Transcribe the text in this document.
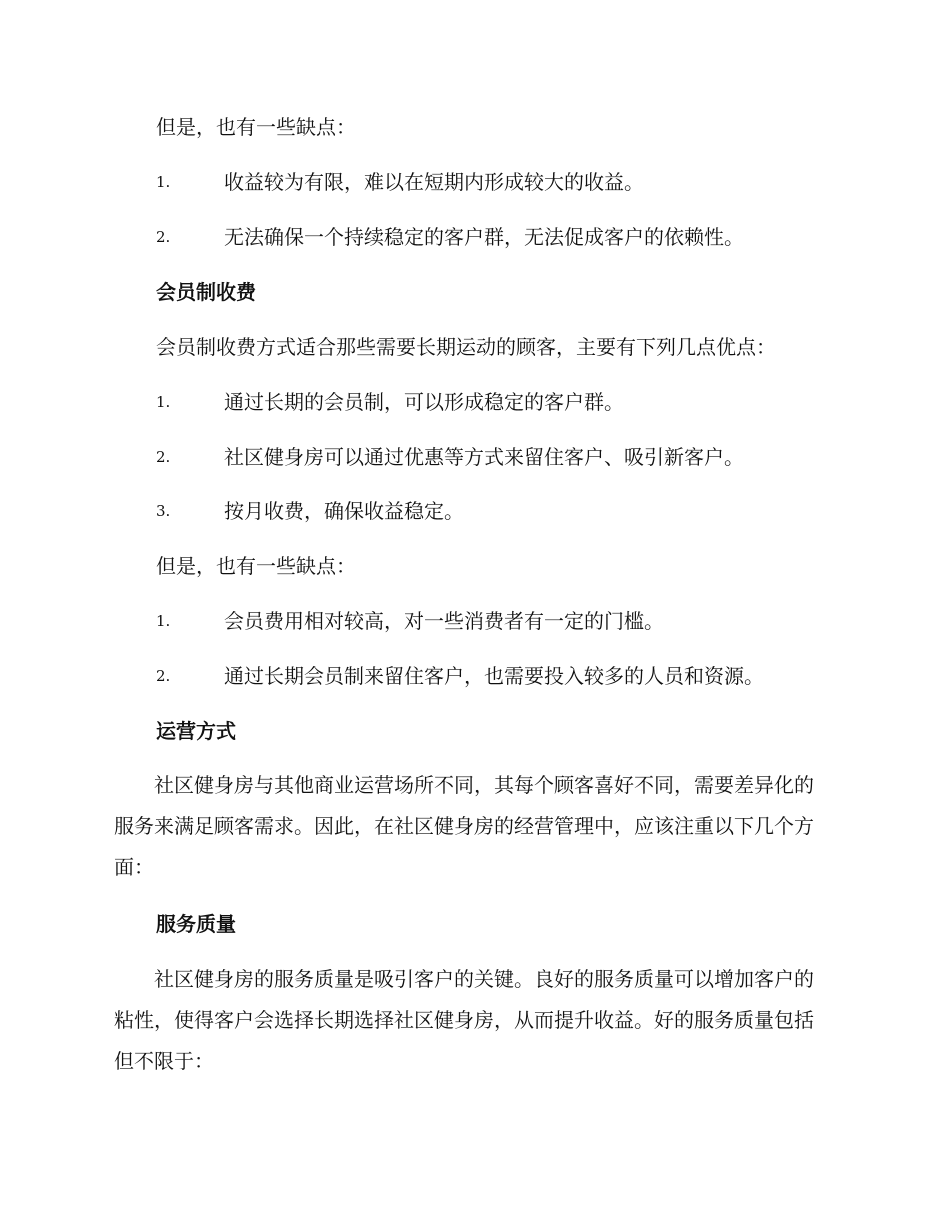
但是，也有一些缺点：
1.	收益较为有限，难以在短期内形成较大的收益。
2.	无法确保一个持续稳定的客户群，无法促成客户的依赖性。
会员制收费
会员制收费方式适合那些需要长期运动的顾客，主要有下列几点优点：
1.	通过长期的会员制，可以形成稳定的客户群。
2.	社区健身房可以通过优惠等方式来留住客户、吸引新客户。
3.	按月收费，确保收益稳定。
但是，也有一些缺点：
1.	会员费用相对较高，对一些消费者有一定的门槛。
2.	通过长期会员制来留住客户，也需要投入较多的人员和资源。
运营方式
社区健身房与其他商业运营场所不同，其每个顾客喜好不同，需要差异化的服务来满足顾客需求。因此，在社区健身房的经营管理中，应该注重以下几个方面：
服务质量
社区健身房的服务质量是吸引客户的关键。良好的服务质量可以增加客户的粘性，使得客户会选择长期选择社区健身房，从而提升收益。好的服务质量包括但不限于：
